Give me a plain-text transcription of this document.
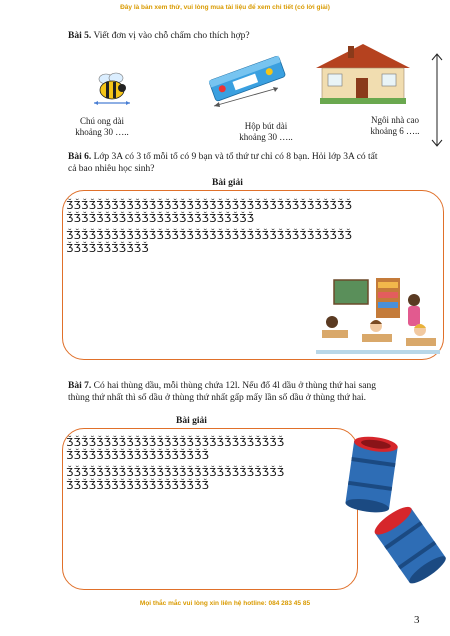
Đây là bản xem thử, vui lòng mua tài liệu để xem chi tiết (có lời giải)
Bài 5. Viết đơn vị vào chỗ chấm cho thích hợp?
Chú ong dài
khoảng 30 …..
Hộp bút dài
khoảng 30 …..
Ngôi nhà cao
khoảng 6 …..
Bài 6. Lớp 3A có 3 tổ mỗi tổ có 9 bạn và tổ thứ tư chỉ có 8 bạn. Hỏi lớp 3A có tất
cả bao nhiêu học sinh?
Bài giải
ǮǮǮǮǮǮǮǮǮǮǮǮǮǮǮǮǮǮǮǮǮǮǮǮǮǮǮǮǮǮǮǮǮǮǮǮǮǮ
ǮǮǮǮǮǮǮǮǮǮǮǮǮǮǮǮǮǮǮǮǮǮǮǮǮ
ǮǮǮǮǮǮǮǮǮǮǮǮǮǮǮǮǮǮǮǮǮǮǮǮǮǮǮǮǮǮǮǮǮǮǮǮǮǮ
ǮǮǮǮǮǮǮǮǮǮǮ
Bài 7. Có hai thùng dầu, mỗi thùng chứa 12l. Nếu đổ 4l dầu ở thùng thứ hai sang
thùng thứ nhất thì số dầu ở thùng thứ nhất gấp mấy lần số dầu ở thùng thứ hai.
Bài giải
ǮǮǮǮǮǮǮǮǮǮǮǮǮǮǮǮǮǮǮǮǮǮǮǮǮǮǮǮǮ
ǮǮǮǮǮǮǮǮǮǮǮǮǮǮǮǮǮǮǮ
ǮǮǮǮǮǮǮǮǮǮǮǮǮǮǮǮǮǮǮǮǮǮǮǮǮǮǮǮǮ
ǮǮǮǮǮǮǮǮǮǮǮǮǮǮǮǮǮǮǮ
Mọi thắc mắc vui lòng xin liên hệ hotline: 084 283 45 85
3
